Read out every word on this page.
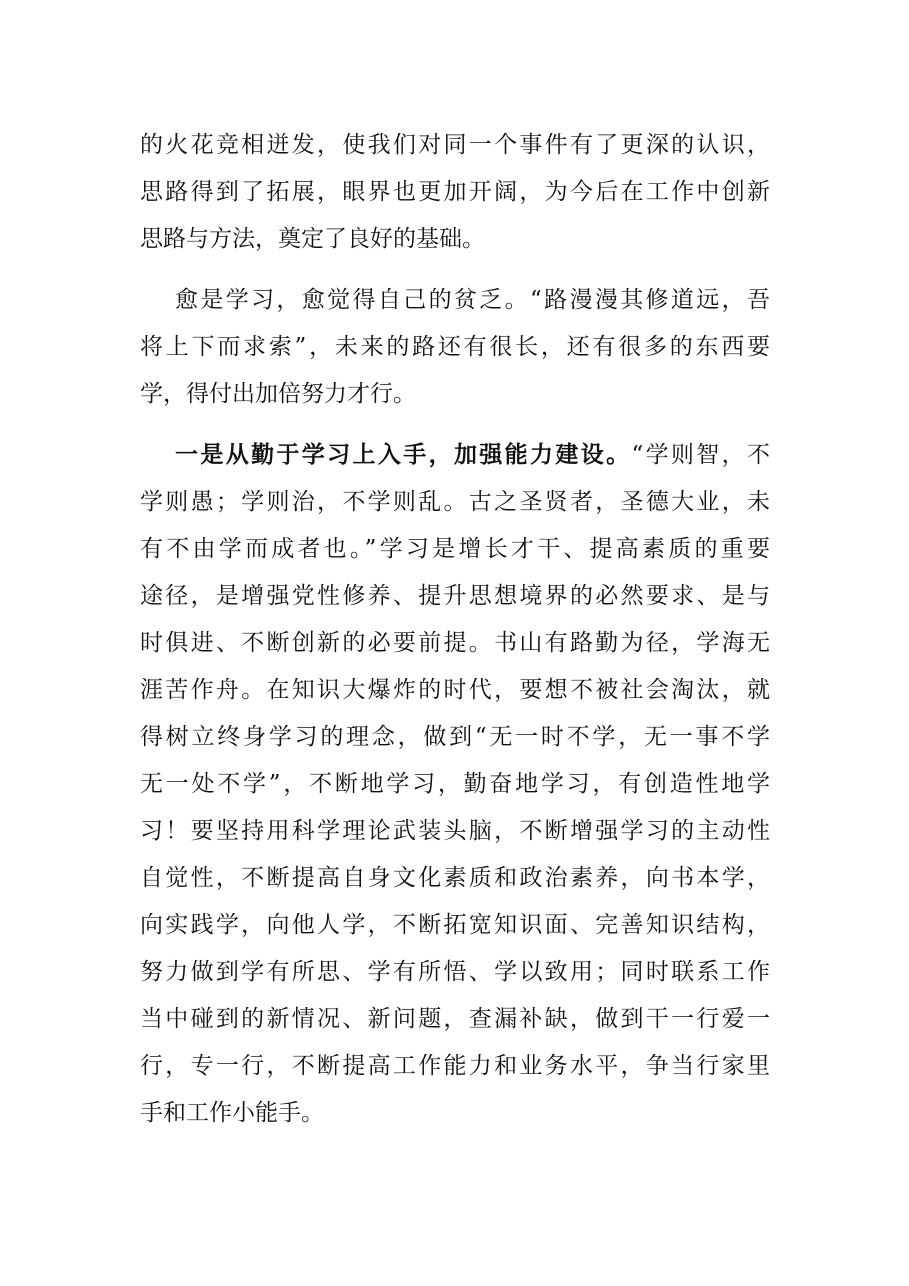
的火花竞相迸发，使我们对同一个事件有了更深的认识，
思路得到了拓展，眼界也更加开阔，为今后在工作中创新
思路与方法，奠定了良好的基础。
愈是学习，愈觉得自己的贫乏。“路漫漫其修道远，吾
将上下而求索”，未来的路还有很长，还有很多的东西要
学，得付出加倍努力才行。
一是从勤于学习上入手，加强能力建设。“学则智，不
学则愚；学则治，不学则乱。古之圣贤者，圣德大业，未
有不由学而成者也。”学习是增长才干、提高素质的重要
途径，是增强党性修养、提升思想境界的必然要求、是与
时俱进、不断创新的必要前提。书山有路勤为径，学海无
涯苦作舟。在知识大爆炸的时代，要想不被社会淘汰，就
得树立终身学习的理念，做到“无一时不学，无一事不学
无一处不学”，不断地学习，勤奋地学习，有创造性地学
习！要坚持用科学理论武装头脑，不断增强学习的主动性
自觉性，不断提高自身文化素质和政治素养，向书本学，
向实践学，向他人学，不断拓宽知识面、完善知识结构，
努力做到学有所思、学有所悟、学以致用；同时联系工作
当中碰到的新情况、新问题，查漏补缺，做到干一行爱一
行，专一行，不断提高工作能力和业务水平，争当行家里
手和工作小能手。
